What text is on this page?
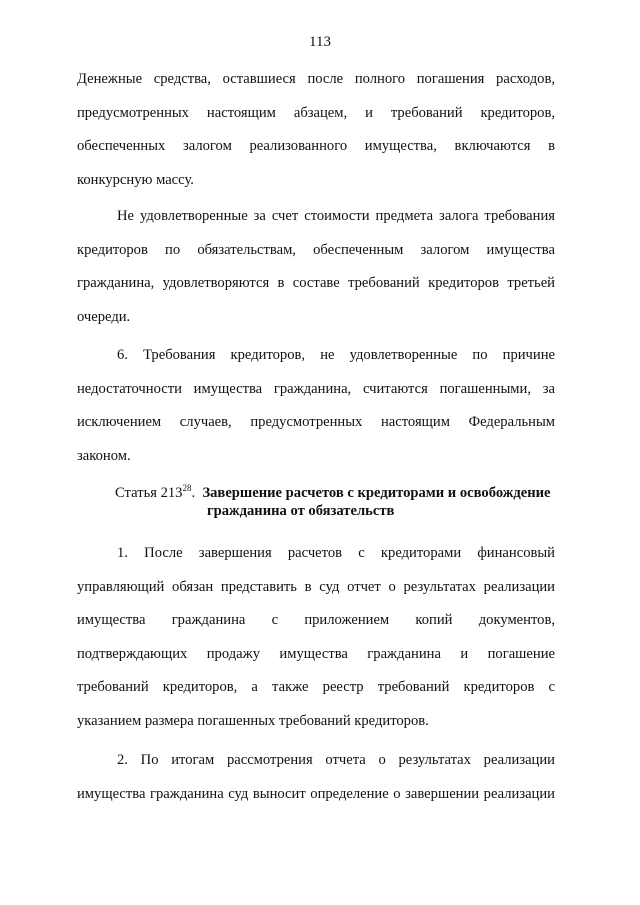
113
Денежные средства, оставшиеся после полного погашения расходов,
предусмотренных настоящим абзацем, и требований кредиторов,
обеспеченных залогом реализованного имущества, включаются в
конкурсную массу.
Не удовлетворенные за счет стоимости предмета залога требования
кредиторов по обязательствам, обеспеченным залогом имущества
гражданина, удовлетворяются в составе требований кредиторов третьей
очереди.
6. Требования кредиторов, не удовлетворенные по причине
недостаточности имущества гражданина, считаются погашенными, за
исключением случаев, предусмотренных настоящим Федеральным
законом.
Статья $213^{28}$. Завершение расчетов с кредиторами и освобождение
гражданина от обязательств
1. После завершения расчетов с кредиторами финансовый
управляющий обязан представить в суд отчет о результатах реализации
имущества гражданина с приложением копий документов,
подтверждающих продажу имущества гражданина и погашение
требований кредиторов, а также реестр требований кредиторов с
указанием размера погашенных требований кредиторов.
2. По итогам рассмотрения отчета о результатах реализации
имущества гражданина суд выносит определение о завершении реализации
